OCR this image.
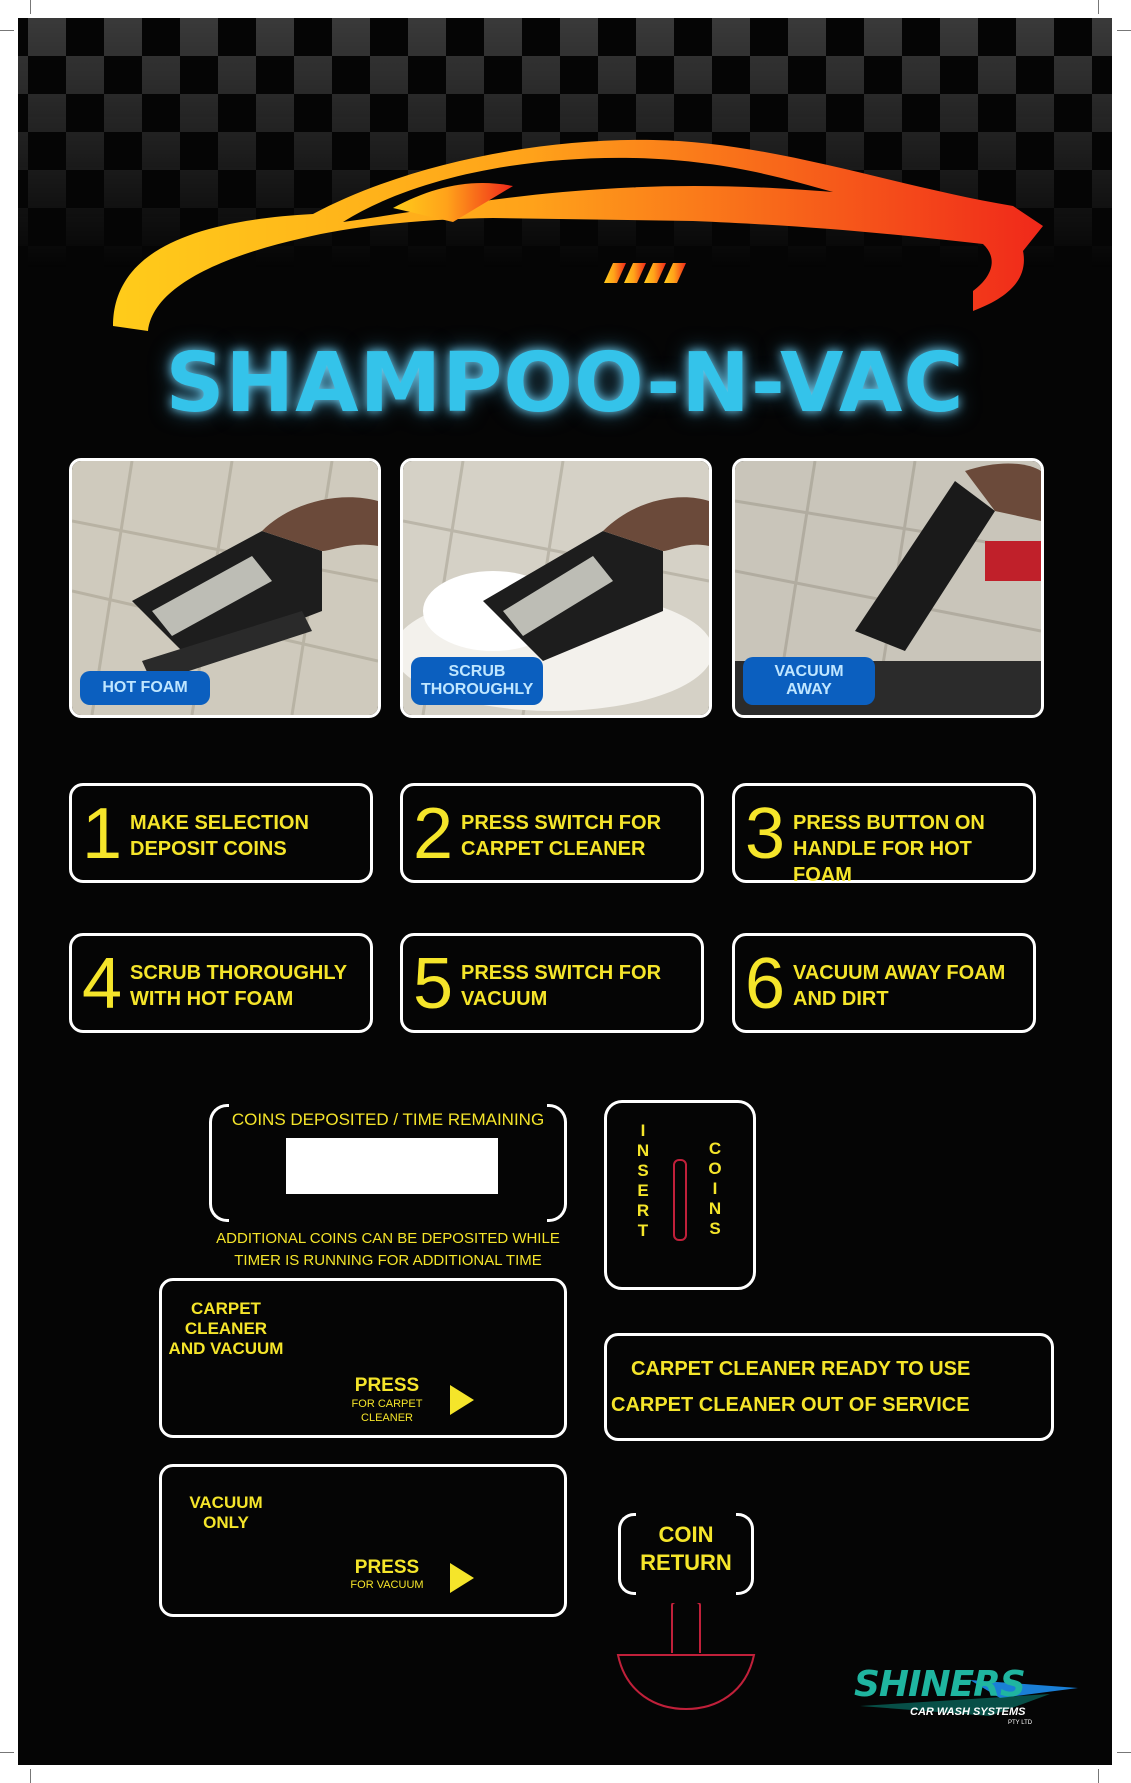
SHAMPOO-N-VAC
HOT FOAM
SCRUB THOROUGHLY
VACUUM AWAY
1 MAKE SELECTION
DEPOSIT COINS	2 PRESS SWITCH FOR
CARPET CLEANER 3 PRESS BUTTON ON
HANDLE FOR HOT FOAM
4 SCRUB THOROUGHLY
WITH HOT FOAM	5 PRESS SWITCH FOR
VACUUM	6 VACUUM AWAY FOAM
AND DIRT
COINS DEPOSITED / TIME REMAINING
ADDITIONAL COINS CAN BE DEPOSITED WHILE
TIMER IS RUNNING FOR ADDITIONAL TIME
INSERT
COINS
CARPET
CLEANER
AND VACUUM
PRESS
FOR CARPET
CLEANER
CARPET CLEANER READY TO USE
CARPET CLEANER OUT OF SERVICE
VACUUM
ONLY
PRESS
FOR VACUUM
COIN
RETURN
SHINERS
CAR WASH SYSTEMS
PTY LTD
